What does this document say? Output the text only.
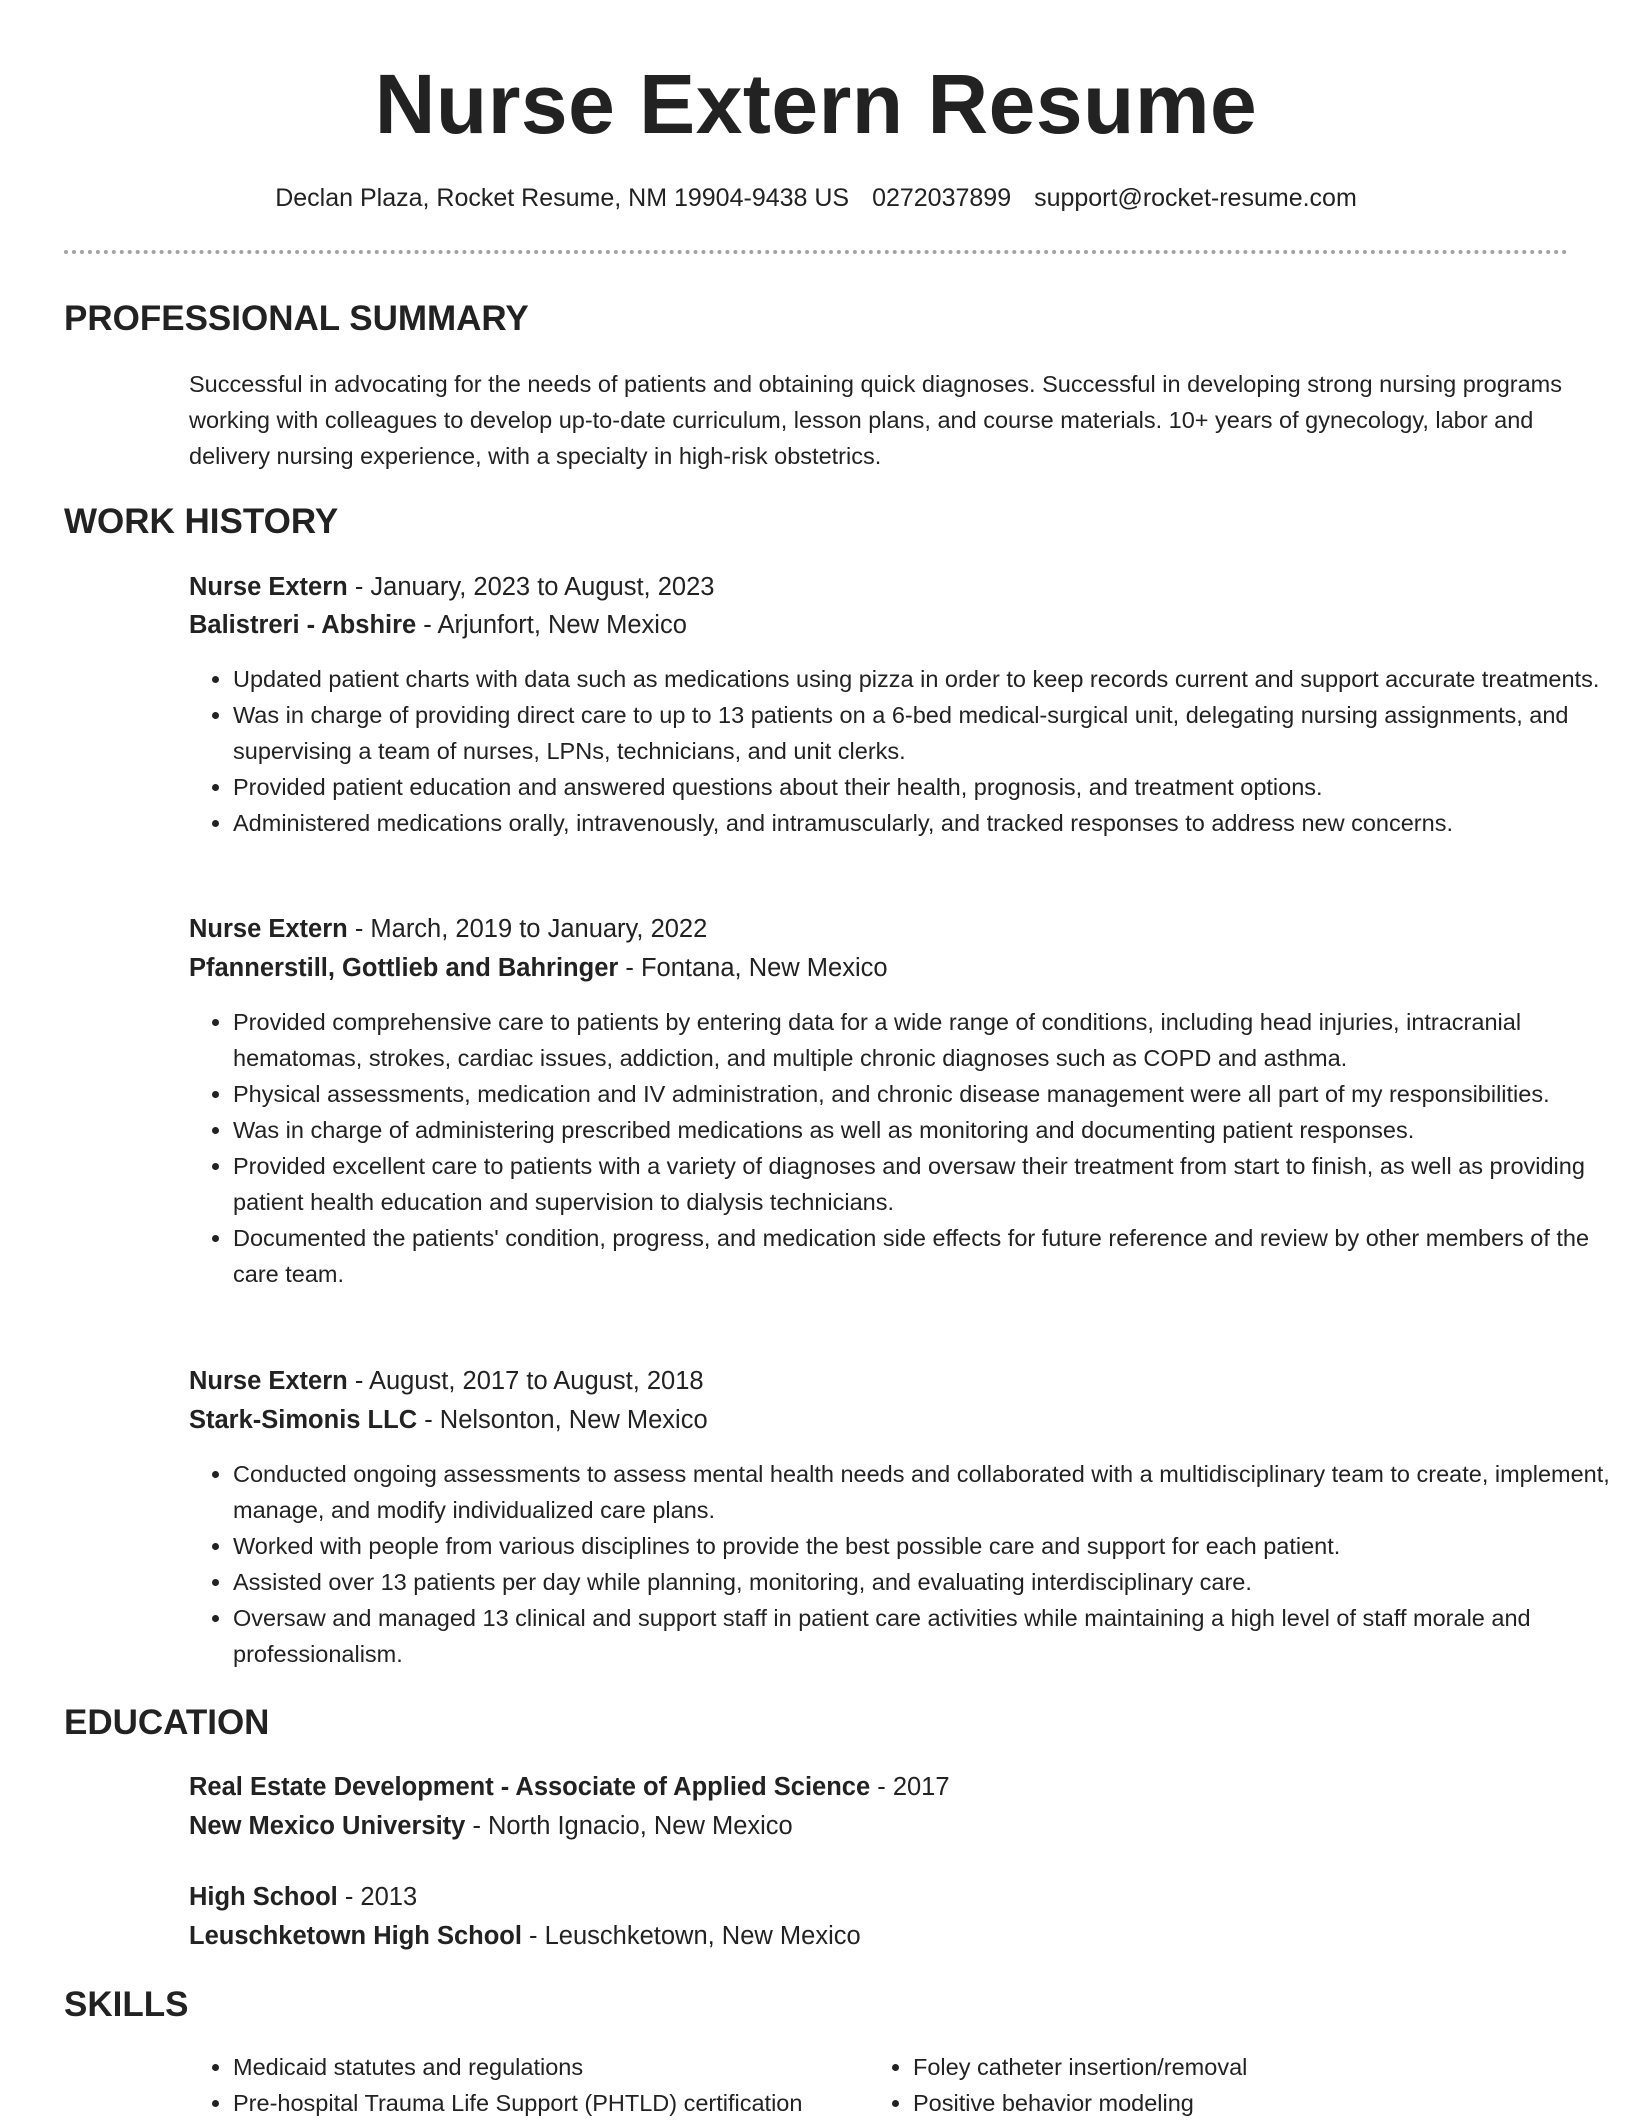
Nurse Extern Resume
Declan Plaza, Rocket Resume, NM 19904-9438 US 0272037899 support@rocket-resume.com
PROFESSIONAL SUMMARY

Successful in advocating for the needs of patients and obtaining quick diagnoses. Successful in developing strong nursing programs working with colleagues to develop up-to-date curriculum, lesson plans, and course materials. 10+ years of gynecology, labor and delivery nursing experience, with a specialty in high-risk obstetrics.

WORK HISTORY
Nurse Extern - January, 2023 to August, 2023
Balistreri - Abshire - Arjunfort, New Mexico
• Updated patient charts with data such as medications using pizza in order to keep records current and support accurate treatments.
• Was in charge of providing direct care to up to 13 patients on a 6-bed medical-surgical unit, delegating nursing assignments, and supervising a team of nurses, LPNs, technicians, and unit clerks.
• Provided patient education and answered questions about their health, prognosis, and treatment options.
• Administered medications orally, intravenously, and intramuscularly, and tracked responses to address new concerns.
Nurse Extern - March, 2019 to January, 2022
Pfannerstill, Gottlieb and Bahringer - Fontana, New Mexico
• Provided comprehensive care to patients by entering data for a wide range of conditions, including head injuries, intracranial hematomas, strokes, cardiac issues, addiction, and multiple chronic diagnoses such as COPD and asthma.
• Physical assessments, medication and IV administration, and chronic disease management were all part of my responsibilities.
• Was in charge of administering prescribed medications as well as monitoring and documenting patient responses.
• Provided excellent care to patients with a variety of diagnoses and oversaw their treatment from start to finish, as well as providing patient health education and supervision to dialysis technicians.
• Documented the patients' condition, progress, and medication side effects for future reference and review by other members of the care team.
Nurse Extern - August, 2017 to August, 2018
Stark-Simonis LLC - Nelsonton, New Mexico
• Conducted ongoing assessments to assess mental health needs and collaborated with a multidisciplinary team to create, implement, manage, and modify individualized care plans.
• Worked with people from various disciplines to provide the best possible care and support for each patient.
• Assisted over 13 patients per day while planning, monitoring, and evaluating interdisciplinary care.
• Oversaw and managed 13 clinical and support staff in patient care activities while maintaining a high level of staff morale and professionalism.
EDUCATION
Real Estate Development - Associate of Applied Science - 2017
New Mexico University - North Ignacio, New Mexico
High School - 2013
Leuschketown High School - Leuschketown, New Mexico
SKILLS
• Medicaid statutes and regulations
• Pre-hospital Trauma Life Support (PHTLD) certification
• Foley catheter insertion/removal
• Positive behavior modeling
